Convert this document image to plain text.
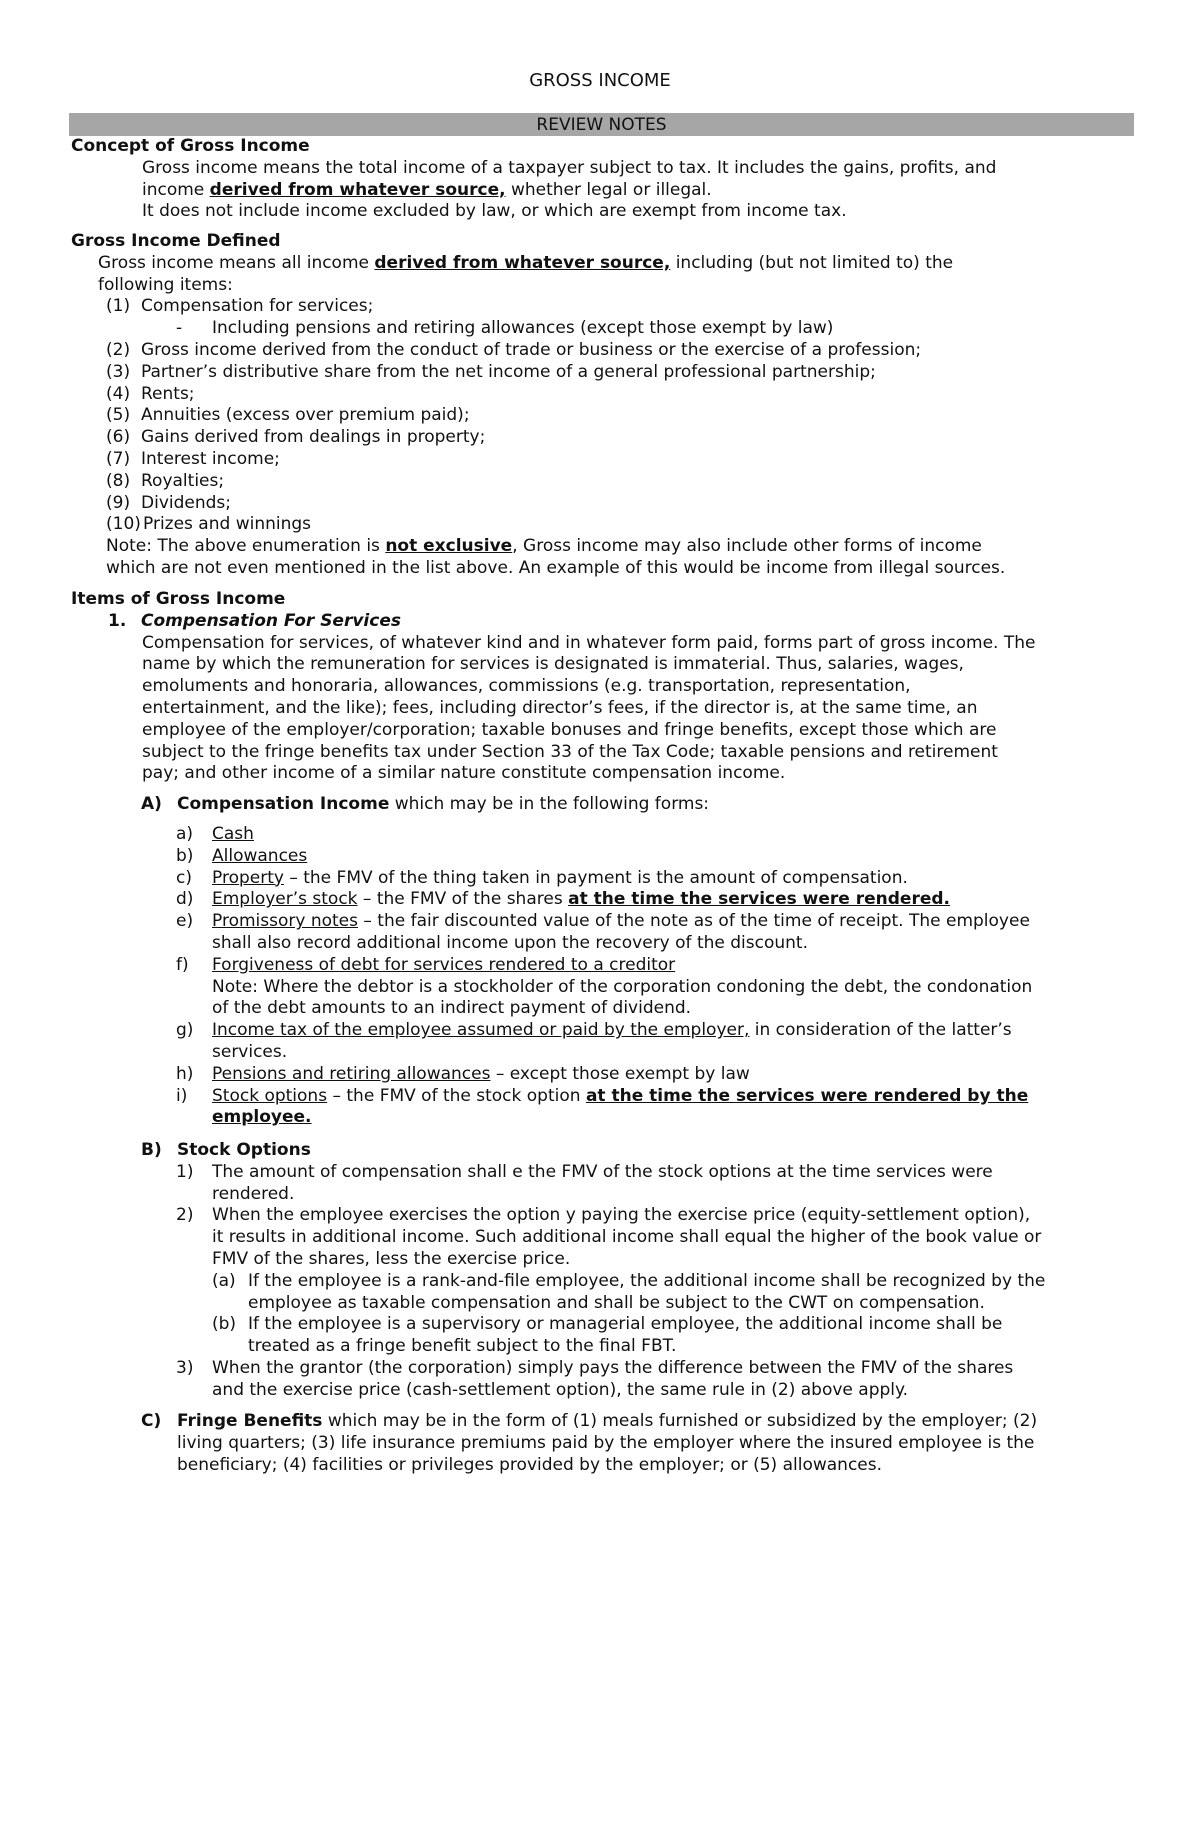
GROSS INCOME
REVIEW NOTES
Concept of Gross Income
Gross income means the total income of a taxpayer subject to tax. It includes the gains, profits, and
income derived from whatever source, whether legal or illegal.
It does not include income excluded by law, or which are exempt from income tax.
Gross Income Defined
Gross income means all income derived from whatever source, including (but not limited to) the
following items:
(1) Compensation for services;
- Including pensions and retiring allowances (except those exempt by law)
(2) Gross income derived from the conduct of trade or business or the exercise of a profession;
(3) Partner’s distributive share from the net income of a general professional partnership;
(4) Rents;
(5) Annuities (excess over premium paid);
(6) Gains derived from dealings in property;
(7) Interest income;
(8) Royalties;
(9) Dividends;
(10) Prizes and winnings
Note: The above enumeration is not exclusive, Gross income may also include other forms of income
which are not even mentioned in the list above. An example of this would be income from illegal sources.
Items of Gross Income
1. Compensation For Services
Compensation for services, of whatever kind and in whatever form paid, forms part of gross income. The
name by which the remuneration for services is designated is immaterial. Thus, salaries, wages,
emoluments and honoraria, allowances, commissions (e.g. transportation, representation,
entertainment, and the like); fees, including director’s fees, if the director is, at the same time, an
employee of the employer/corporation; taxable bonuses and fringe benefits, except those which are
subject to the fringe benefits tax under Section 33 of the Tax Code; taxable pensions and retirement
pay; and other income of a similar nature constitute compensation income.
A) Compensation Income which may be in the following forms:
a) Cash
b) Allowances
c) Property – the FMV of the thing taken in payment is the amount of compensation.
d) Employer’s stock – the FMV of the shares at the time the services were rendered.
e) Promissory notes – the fair discounted value of the note as of the time of receipt. The employee
shall also record additional income upon the recovery of the discount.
f) Forgiveness of debt for services rendered to a creditor
Note: Where the debtor is a stockholder of the corporation condoning the debt, the condonation
of the debt amounts to an indirect payment of dividend.
g) Income tax of the employee assumed or paid by the employer, in consideration of the latter’s
services.
h) Pensions and retiring allowances – except those exempt by law
i) Stock options – the FMV of the stock option at the time the services were rendered by the
employee.
B) Stock Options
1) The amount of compensation shall e the FMV of the stock options at the time services were
rendered.
2) When the employee exercises the option y paying the exercise price (equity-settlement option),
it results in additional income. Such additional income shall equal the higher of the book value or
FMV of the shares, less the exercise price.
(a) If the employee is a rank-and-file employee, the additional income shall be recognized by the
employee as taxable compensation and shall be subject to the CWT on compensation.
(b) If the employee is a supervisory or managerial employee, the additional income shall be
treated as a fringe benefit subject to the final FBT.
3) When the grantor (the corporation) simply pays the difference between the FMV of the shares
and the exercise price (cash-settlement option), the same rule in (2) above apply.
C) Fringe Benefits which may be in the form of (1) meals furnished or subsidized by the employer; (2)
living quarters; (3) life insurance premiums paid by the employer where the insured employee is the
beneficiary; (4) facilities or privileges provided by the employer; or (5) allowances.
